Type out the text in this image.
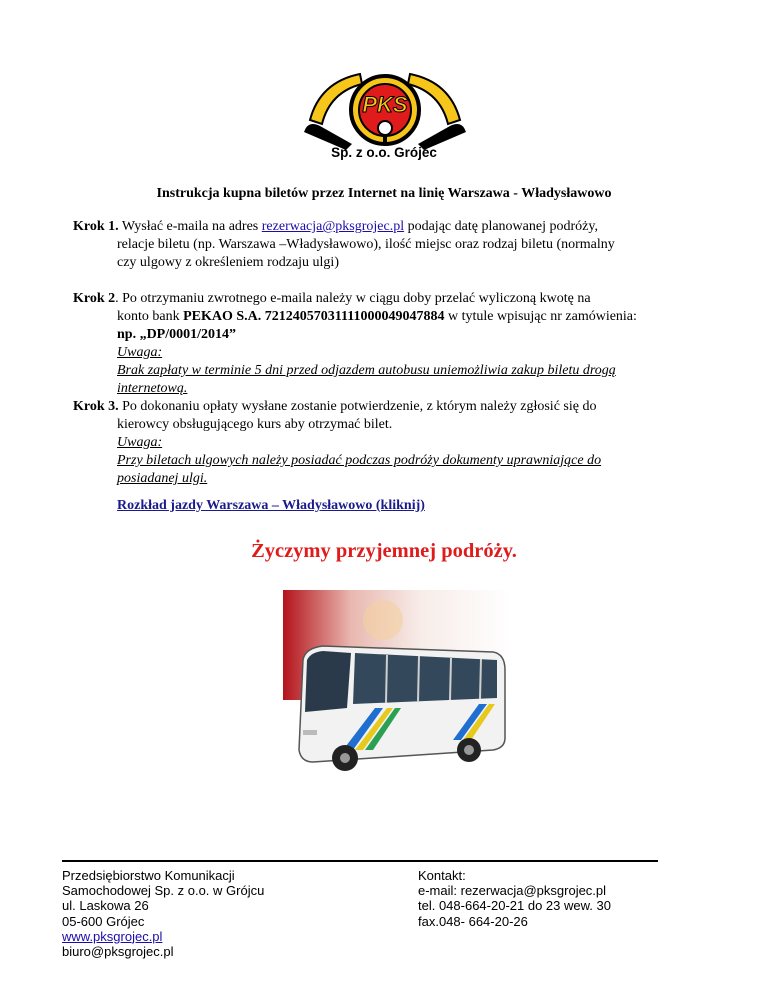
PKS
Sp. z o.o. Grójec
Instrukcja kupna biletów przez Internet na linię Warszawa - Władysławowo
Krok 1. Wysłać e-maila na adres rezerwacja@pksgrojec.pl podając datę planowanej podróży,
relacje biletu (np. Warszawa –Władysławowo), ilość miejsc oraz rodzaj biletu (normalny
czy ulgowy z określeniem rodzaju ulgi)
Krok 2. Po otrzymaniu zwrotnego e-maila należy w ciągu doby przelać wyliczoną kwotę na
konto bank PEKAO S.A. 72124057031111000049047884 w tytule wpisując nr zamówienia:
np. „DP/0001/2014”
Uwaga:
Brak zapłaty w terminie 5 dni przed odjazdem autobusu uniemożliwia zakup biletu drogą
internetową.
Krok 3. Po dokonaniu opłaty wysłane zostanie potwierdzenie, z którym należy zgłosić się do
kierowcy obsługującego kurs aby otrzymać bilet.
Uwaga:
Przy biletach ulgowych należy posiadać podczas podróży dokumenty uprawniające do
posiadanej ulgi.
Rozkład jazdy Warszawa – Władysławowo (kliknij)
Życzymy przyjemnej podróży.
Przedsiębiorstwo Komunikacji
Samochodowej Sp. z o.o. w Grójcu
ul. Laskowa 26
05-600 Grójec
www.pksgrojec.pl
biuro@pksgrojec.pl
Kontakt:
e-mail: rezerwacja@pksgrojec.pl
tel. 048-664-20-21 do 23 wew. 30
fax.048- 664-20-26
